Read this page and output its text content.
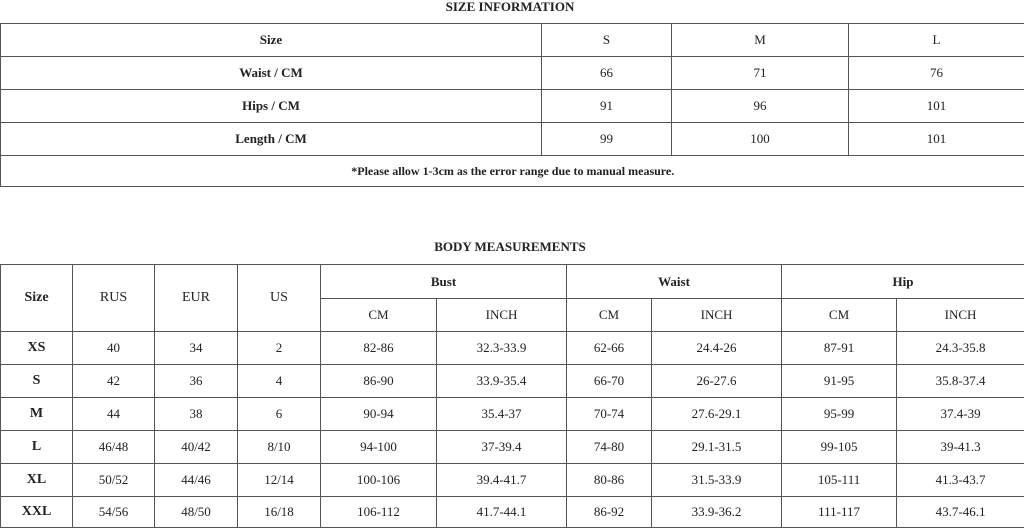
SIZE INFORMATION
Size	S	M	L
Waist / CM	66	71	76
Hips / CM	91	96	101
Length / CM	99	100	101
*Please allow 1-3cm as the error range due to manual measure.			
BODY MEASUREMENTS
Size	RUS	EUR	US	Bust		Waist		Hip	
				CM	INCH	CM	INCH	CM	INCH
XS	40	34	2	82-86	32.3-33.9	62-66	24.4-26	87-91	24.3-35.8
S	42	36	4	86-90	33.9-35.4	66-70	26-27.6	91-95	35.8-37.4
M	44	38	6	90-94	35.4-37	70-74	27.6-29.1	95-99	37.4-39
L	46/48	40/42	8/10	94-100	37-39.4	74-80	29.1-31.5	99-105	39-41.3
XL	50/52	44/46	12/14	100-106	39.4-41.7	80-86	31.5-33.9	105-111	41.3-43.7
XXL	54/56	48/50	16/18	106-112	41.7-44.1	86-92	33.9-36.2	111-117	43.7-46.1
